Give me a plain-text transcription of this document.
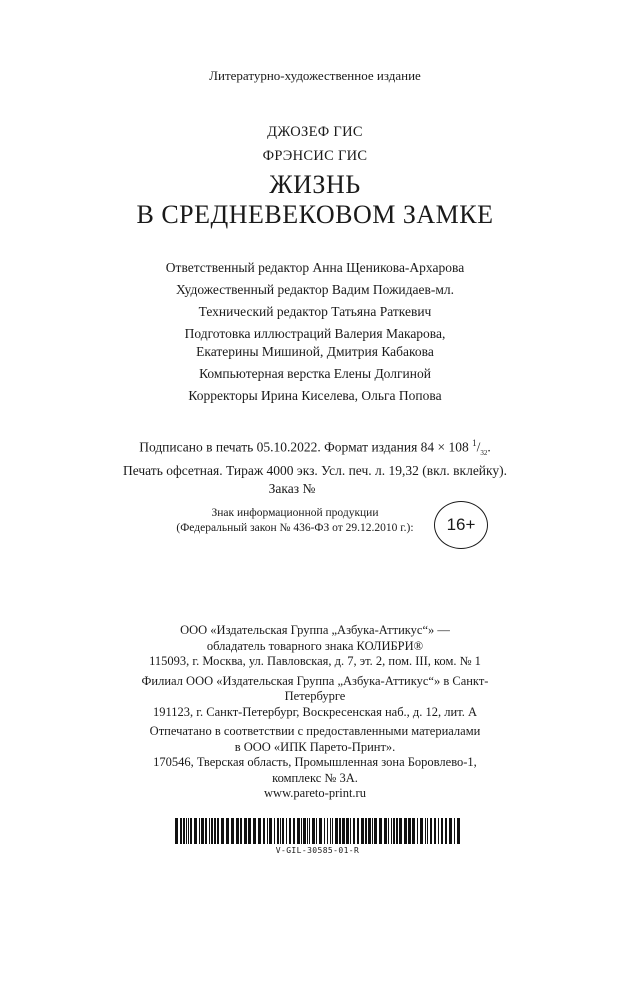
Литературно-художественное издание
ДЖОЗЕФ ГИС
ФРЭНСИС ГИС
ЖИЗНЬ
В СРЕДНЕВЕКОВОМ ЗАМКЕ
Ответственный редактор Анна Щеникова-Архарова
Художественный редактор Вадим Пожидаев-мл.
Технический редактор Татьяна Раткевич
Подготовка иллюстраций Валерия Макарова,
Екатерины Мишиной, Дмитрия Кабакова
Компьютерная верстка Елены Долгиной
Корректоры Ирина Киселева, Ольга Попова
Подписано в печать 05.10.2022. Формат издания 84 × 108 $^1/_{32}$.
Печать офсетная. Тираж 4000 экз. Усл. печ. л. 19,32 (вкл. вклейку).
Заказ №
Знак информационной продукции
(Федеральный закон № 436-ФЗ от 29.12.2010 г.):	16+
ООО «Издательская Группа „Азбука-Аттикус“» —
обладатель товарного знака КОЛИБРИ®
115093, г. Москва, ул. Павловская, д. 7, эт. 2, пом. III, ком. № 1
Филиал ООО «Издательская Группа „Азбука-Аттикус“» в Санкт-
Петербурге
191123, г. Санкт-Петербург, Воскресенская наб., д. 12, лит. А
Отпечатано в соответствии с предоставленными материалами
в ООО «ИПК Парето-Принт».
170546, Тверская область, Промышленная зона Боровлево-1,
комплекс № 3А.
www.pareto-print.ru
V-GIL-30585-01-R
